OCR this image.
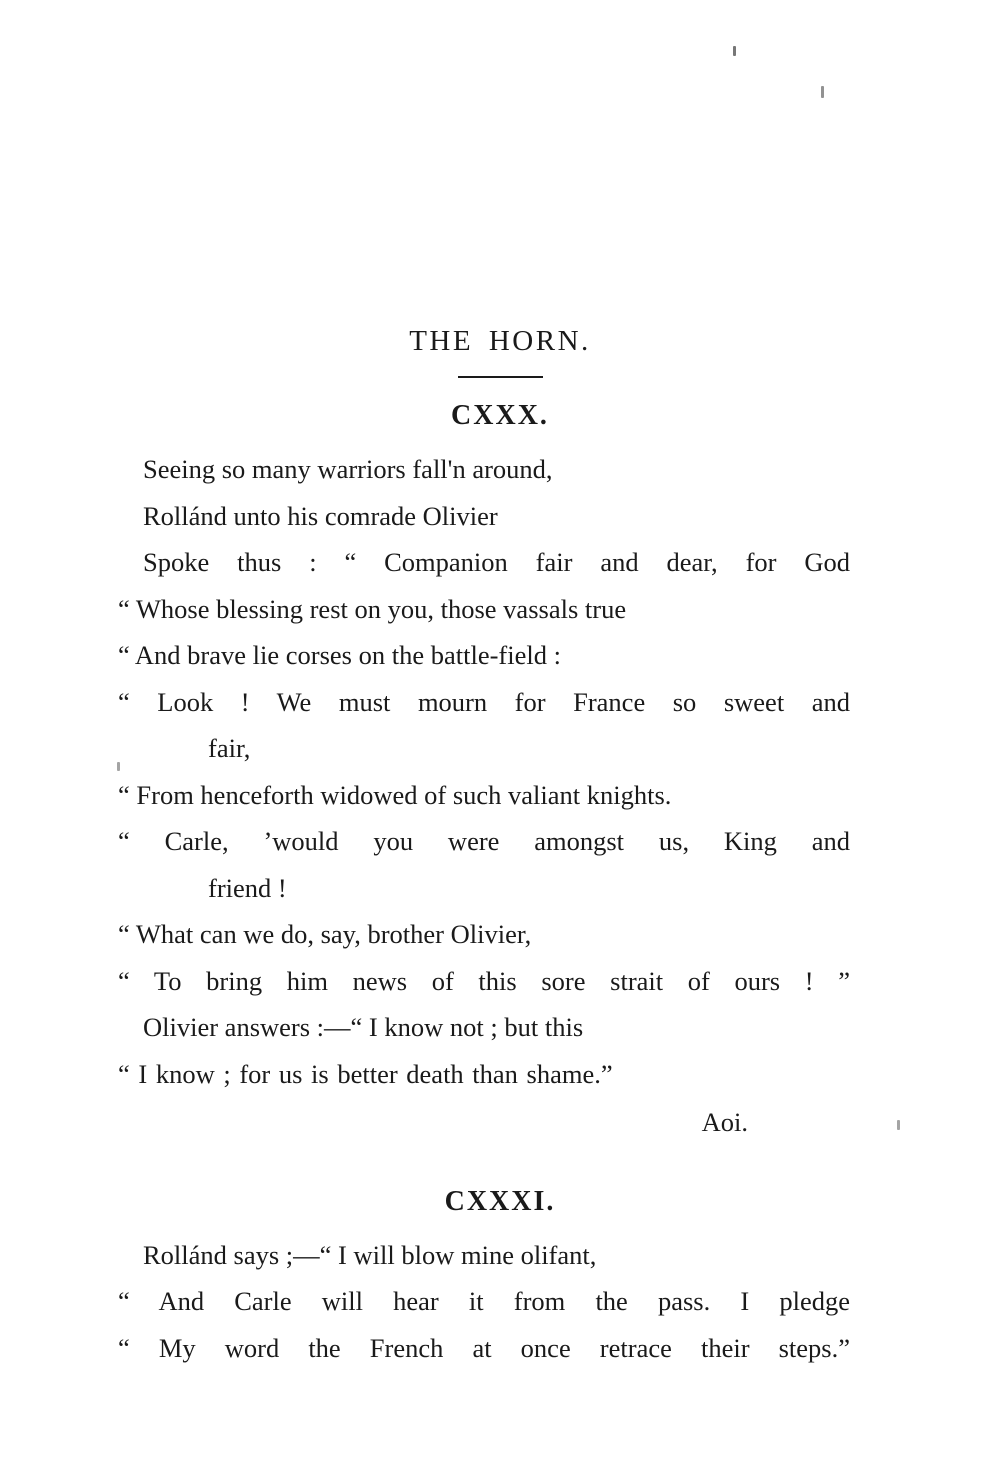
THE HORN.
CXXX.
Seeing so many warriors fall'n around,
Rollánd unto his comrade Olivier
Spoke thus : “ Companion fair and dear, for God
“ Whose blessing rest on you, those vassals true
“ And brave lie corses on the battle-field :
“ Look ! We must mourn for France so sweet and
fair,
“ From henceforth widowed of such valiant knights.
“ Carle, ’would you were amongst us, King and
friend !
“ What can we do, say, brother Olivier,
“ To bring him news of this sore strait of ours ! ”
Olivier answers :—“ I know not ; but this
“ I know ; for us is better death than shame.”
Aoi.
CXXXI.
Rollánd says ;—“ I will blow mine olifant,
“ And Carle will hear it from the pass. I pledge
“ My word the French at once retrace their steps.”
